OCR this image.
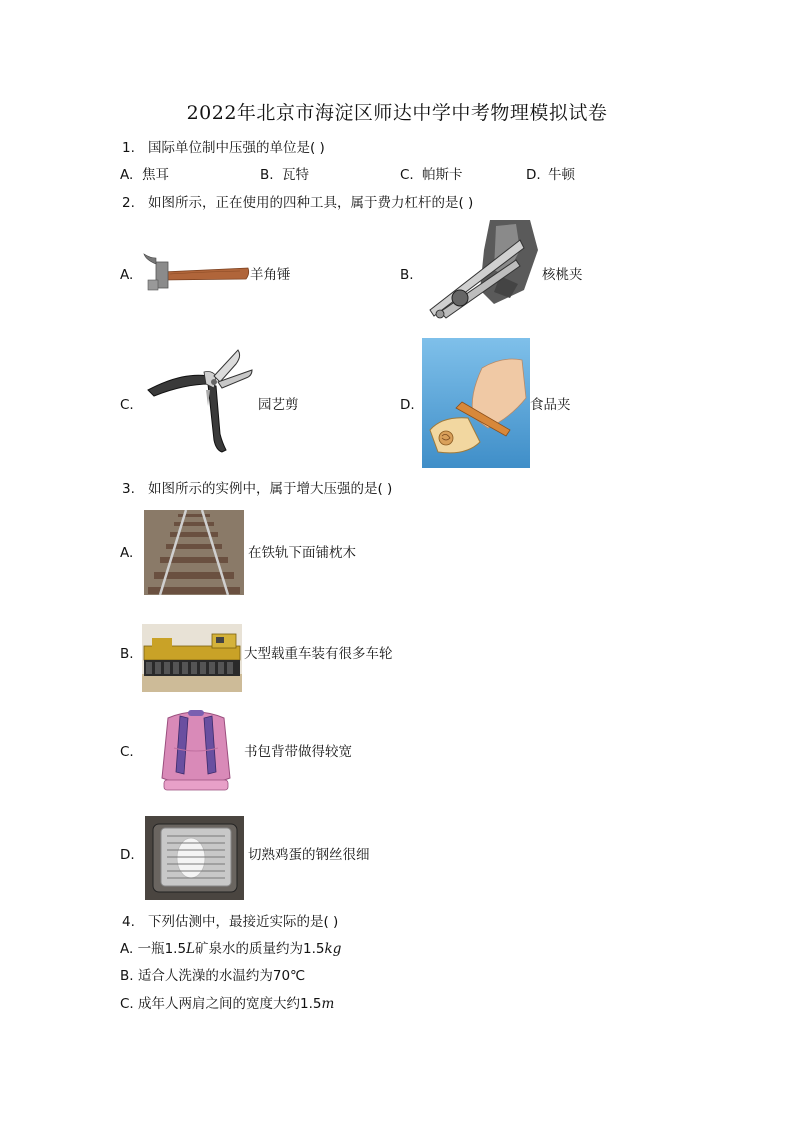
2022年北京市海淀区师达中学中考物理模拟试卷
1. 国际单位制中压强的单位是( )
A. 焦耳	B. 瓦特	C. 帕斯卡	D. 牛顿
2. 如图所示，正在使用的四种工具，属于费力杠杆的是( )
A.	羊角锤	B.	核桃夹
C.	园艺剪	D.	食品夹
3. 如图所示的实例中，属于增大压强的是( )
A.	在铁轨下面铺枕木
B.	大型载重车装有很多车轮
C.	书包背带做得较宽
D.	切熟鸡蛋的钢丝很细
4. 下列估测中，最接近实际的是( )
A. 一瓶1.5L矿泉水的质量约为1.5kg
B. 适合人洗澡的水温约为70℃
C. 成年人两肩之间的宽度大约1.5m
